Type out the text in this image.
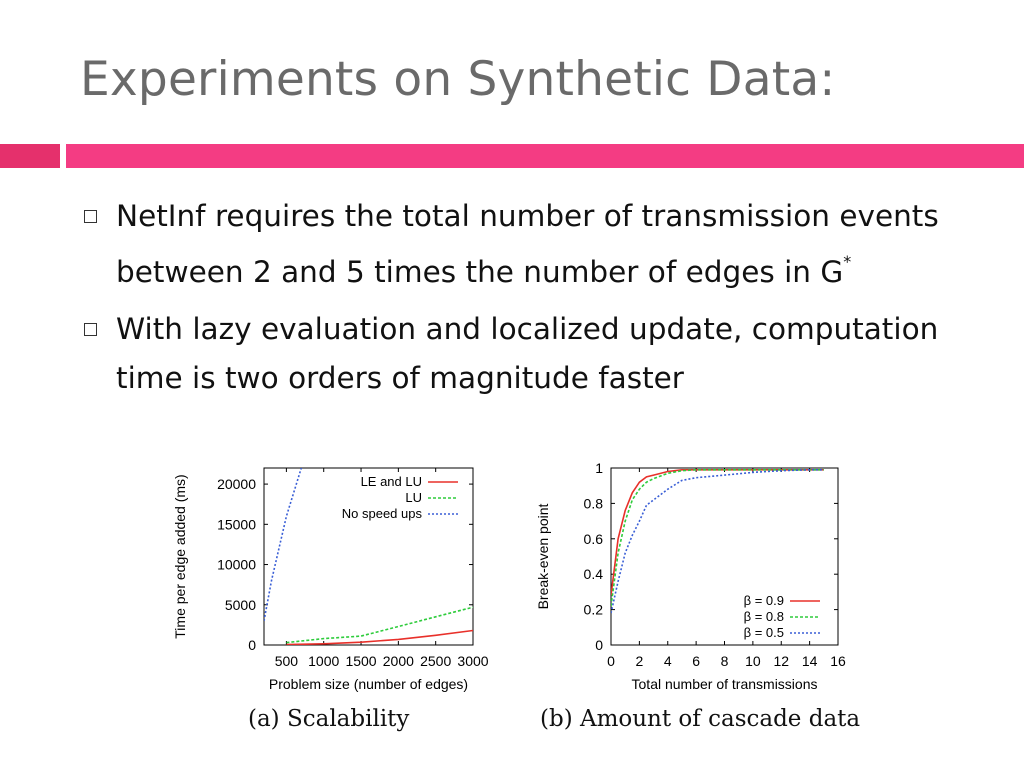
Experiments on Synthetic Data:
NetInf requires the total number of transmission events between 2 and 5 times the number of edges in G*
With lazy evaluation and localized update, computation time is two orders of magnitude faster
500 1000 1500 2000 2500 3000
0
5000
10000
15000
20000
Problem size (number of edges)
Time per edge added (ms)	LE and LU
LU
No speed ups
0 2 4 6 8 10 12 14 16
0
0.2
0.4
0.6
0.8
1
Total number of transmissions
Break-even point	β = 0.9
β = 0.8
β = 0.5
(a) Scalability	(b) Amount of cascade data
